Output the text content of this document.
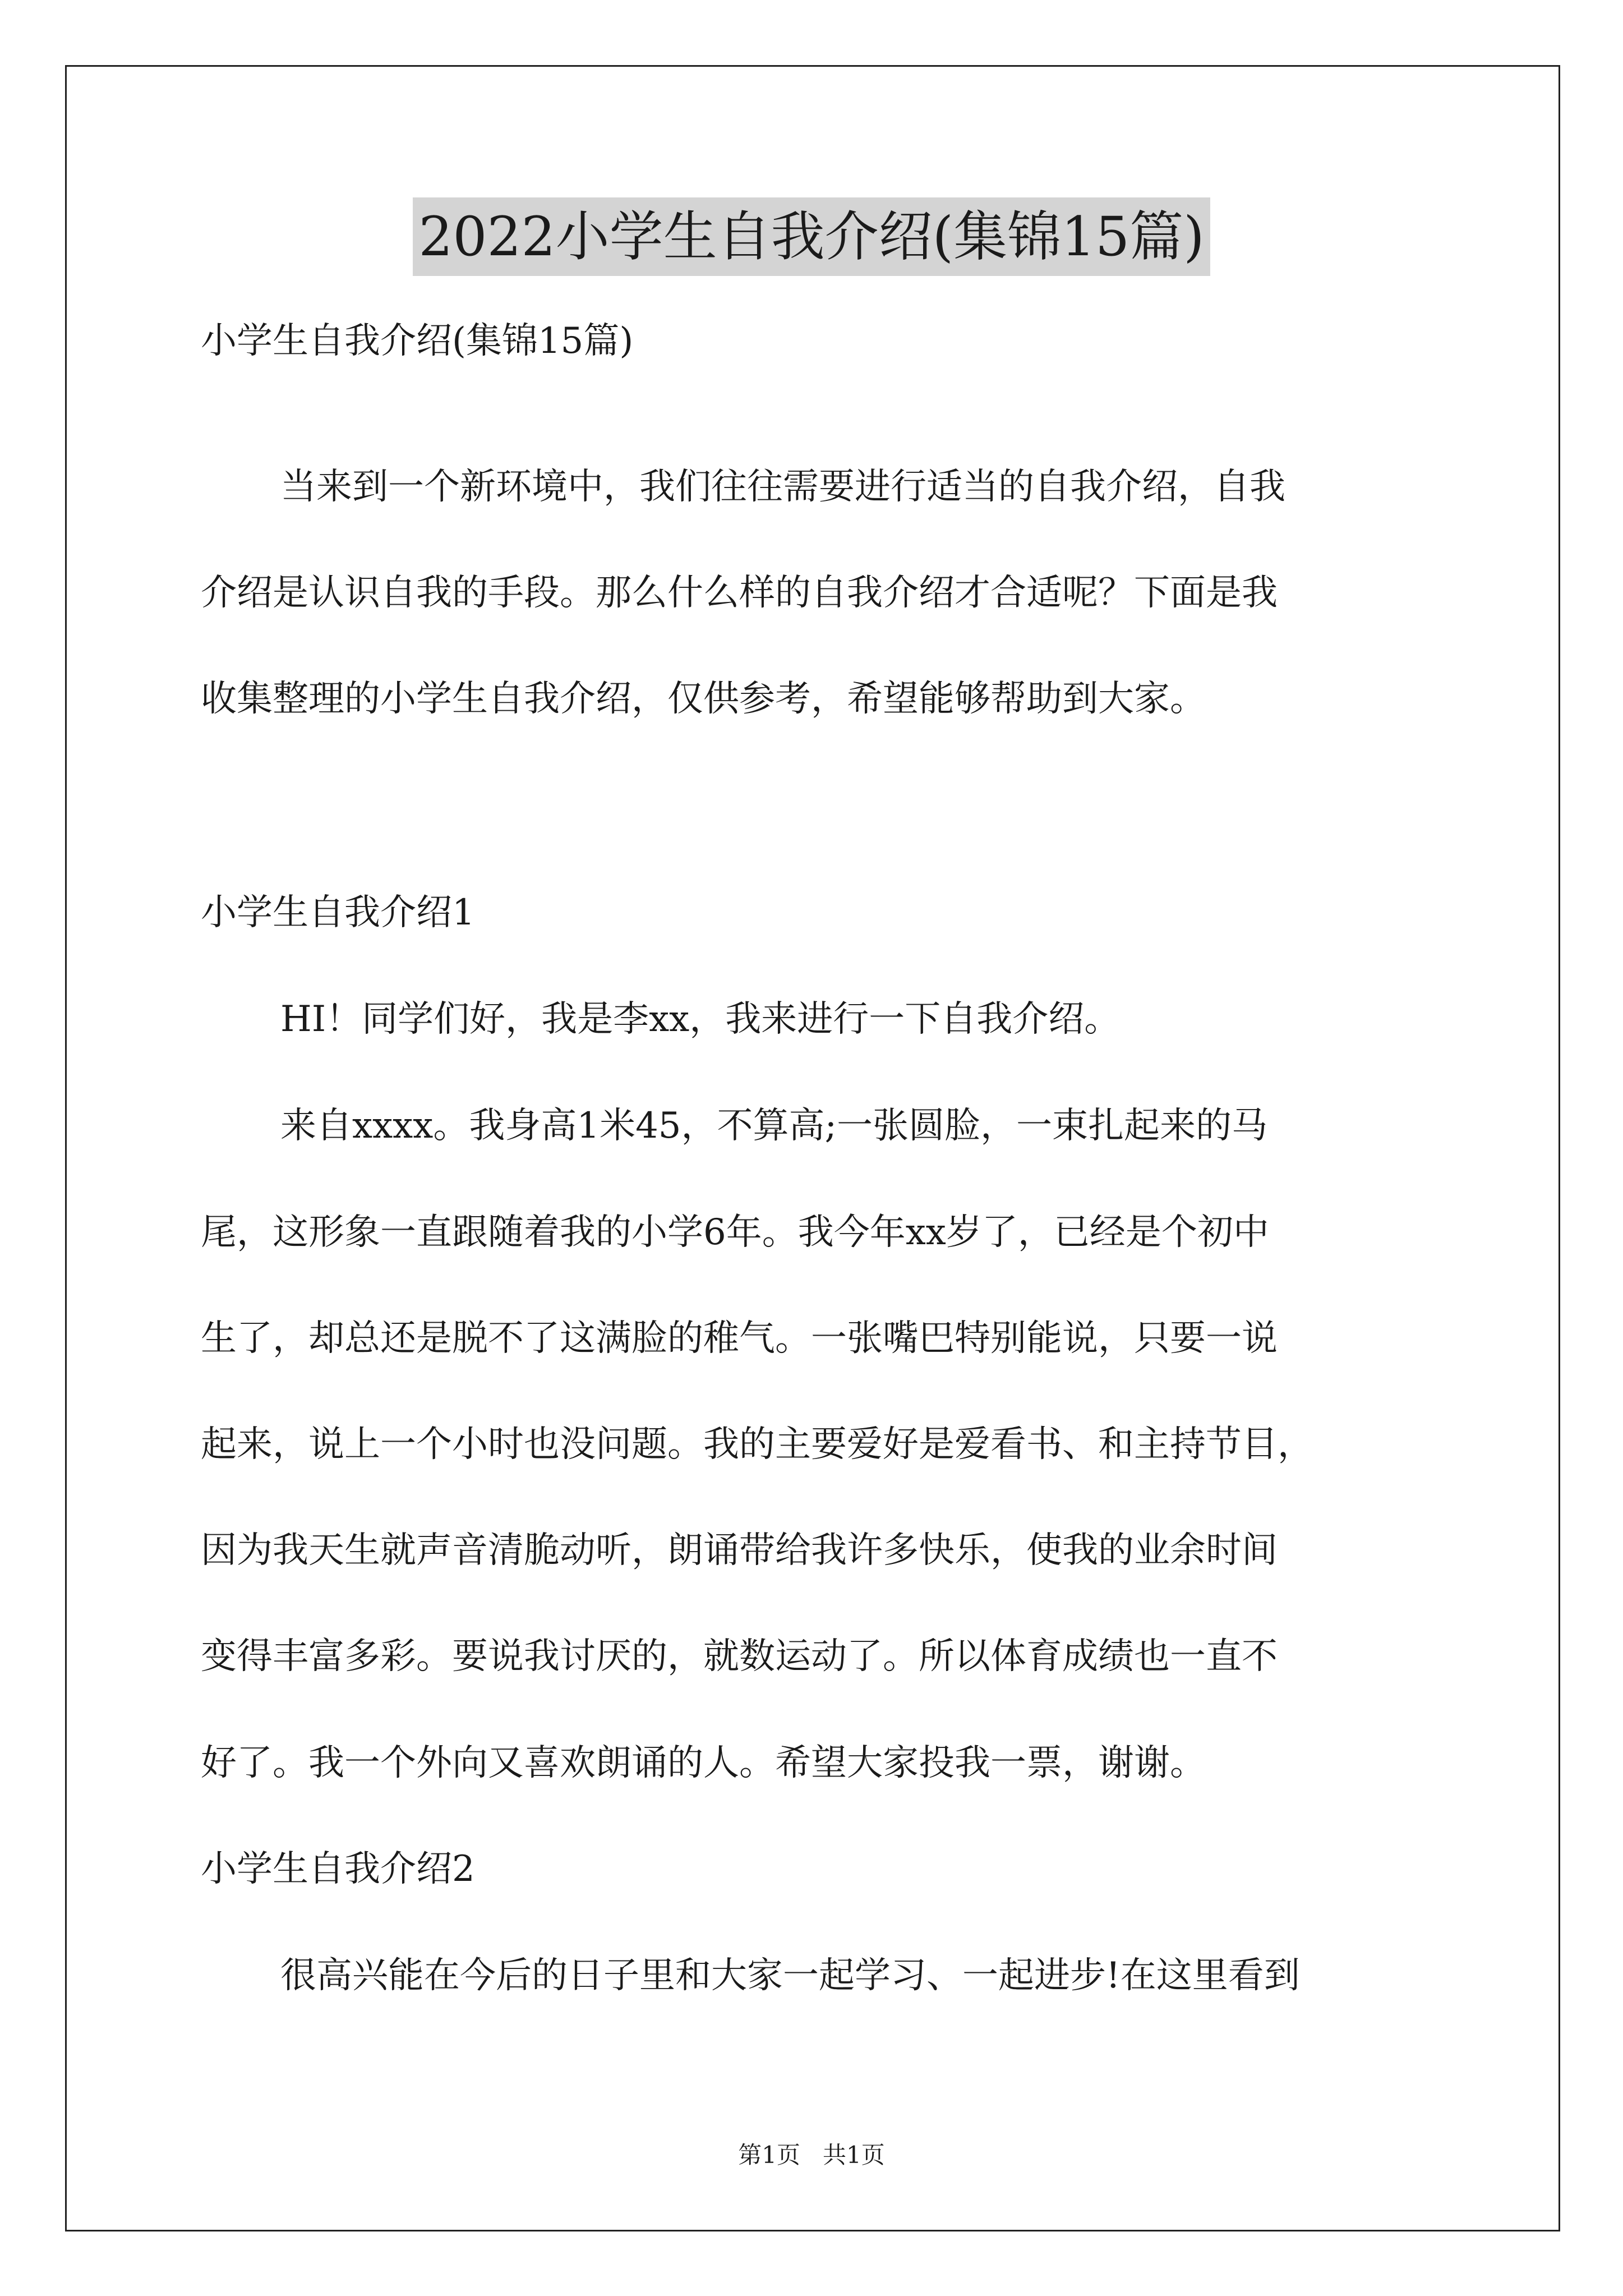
2022小学生自我介绍(集锦15篇)
小学生自我介绍(集锦15篇)
当来到一个新环境中，我们往往需要进行适当的自我介绍，自我
介绍是认识自我的手段。那么什么样的自我介绍才合适呢？下面是我
收集整理的小学生自我介绍，仅供参考，希望能够帮助到大家。
小学生自我介绍1
HI！同学们好，我是李xx，我来进行一下自我介绍。
来自xxxx。我身高1米45，不算高;一张圆脸，一束扎起来的马
尾，这形象一直跟随着我的小学6年。我今年xx岁了，已经是个初中
生了，却总还是脱不了这满脸的稚气。一张嘴巴特别能说，只要一说
起来，说上一个小时也没问题。我的主要爱好是爱看书、和主持节目，
因为我天生就声音清脆动听，朗诵带给我许多快乐，使我的业余时间
变得丰富多彩。要说我讨厌的，就数运动了。所以体育成绩也一直不
好了。我一个外向又喜欢朗诵的人。希望大家投我一票，谢谢。
小学生自我介绍2
很高兴能在今后的日子里和大家一起学习、一起进步!在这里看到
第1页   共1页
